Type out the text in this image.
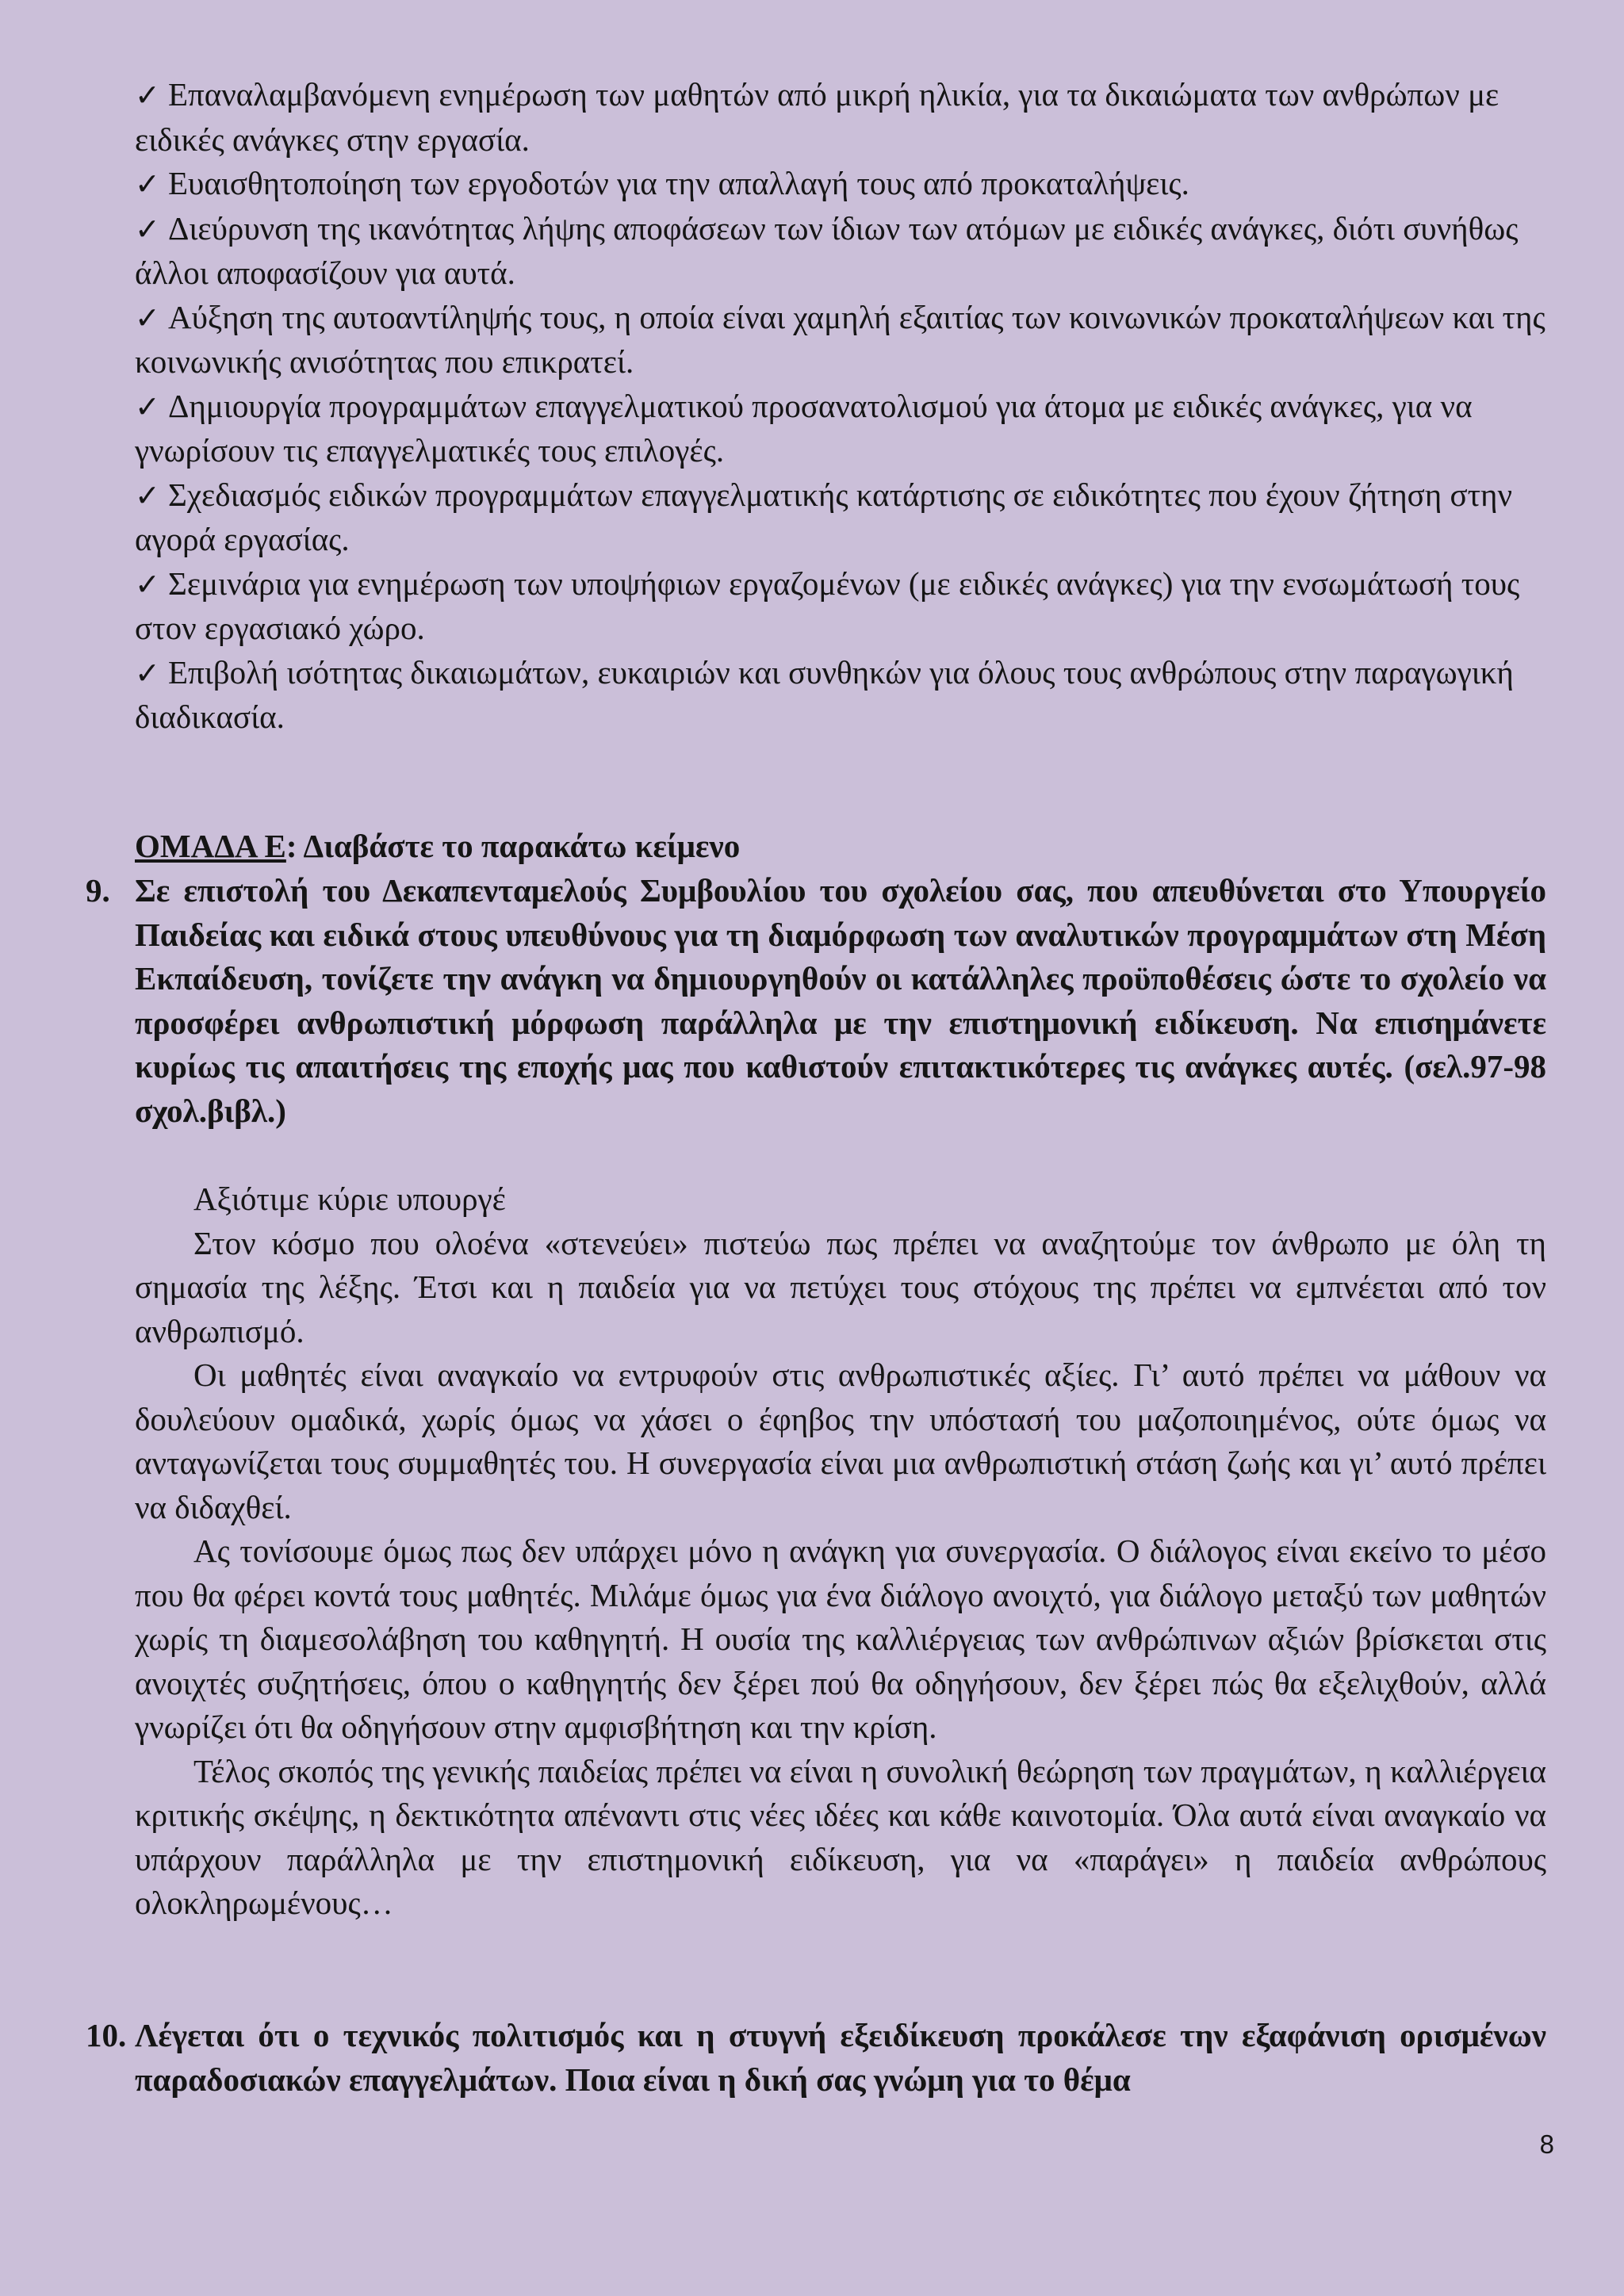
✓ Επαναλαμβανόμενη ενημέρωση των μαθητών από μικρή ηλικία, για τα δικαιώματα των ανθρώπων με ειδικές ανάγκες στην εργασία.

✓ Ευαισθητοποίηση των εργοδοτών για την απαλλαγή τους από προκαταλήψεις.

✓ Διεύρυνση της ικανότητας λήψης αποφάσεων των ίδιων των ατόμων με ειδικές ανάγκες, διότι συνήθως άλλοι αποφασίζουν για αυτά.

✓ Αύξηση της αυτοαντίληψής τους, η οποία είναι χαμηλή εξαιτίας των κοινωνικών προκαταλήψεων και της κοινωνικής ανισότητας που επικρατεί.

✓ Δημιουργία προγραμμάτων επαγγελματικού προσανατολισμού για άτομα με ειδικές ανάγκες, για να γνωρίσουν τις επαγγελματικές τους επιλογές.

✓ Σχεδιασμός ειδικών προγραμμάτων επαγγελματικής κατάρτισης σε ειδικότητες που έχουν ζήτηση στην αγορά εργασίας.

✓ Σεμινάρια για ενημέρωση των υποψήφιων εργαζομένων (με ειδικές ανάγκες) για την ενσωμάτωσή τους στον εργασιακό χώρο.

✓ Επιβολή ισότητας δικαιωμάτων, ευκαιριών και συνθηκών για όλους τους ανθρώπους στην παραγωγική διαδικασία.

ΟΜΑΔΑ Ε: Διαβάστε το παρακάτω κείμενο
9. Σε επιστολή του Δεκαπενταμελούς Συμβουλίου του σχολείου σας, που απευθύνεται στο Υπουργείο Παιδείας και ειδικά στους υπευθύνους για τη διαμόρφωση των αναλυτικών προγραμμάτων στη Μέση Εκπαίδευση, τονίζετε την ανάγκη να δημιουργηθούν οι κατάλληλες προϋποθέσεις ώστε το σχολείο να προσφέρει ανθρωπιστική μόρφωση παράλληλα με την επιστημονική ειδίκευση. Να επισημάνετε κυρίως τις απαιτήσεις της εποχής μας που καθιστούν επιτακτικότερες τις ανάγκες αυτές. (σελ.97-98 σχολ.βιβλ.)

Αξιότιμε κύριε υπουργέ

Στον κόσμο που ολοένα «στενεύει» πιστεύω πως πρέπει να αναζητούμε τον άνθρωπο με όλη τη σημασία της λέξης. Έτσι και η παιδεία για να πετύχει τους στόχους της πρέπει να εμπνέεται από τον ανθρωπισμό.

Οι μαθητές είναι αναγκαίο να εντρυφούν στις ανθρωπιστικές αξίες. Γι’ αυτό πρέπει να μάθουν να δουλεύουν ομαδικά, χωρίς όμως να χάσει ο έφηβος την υπόστασή του μαζοποιημένος, ούτε όμως να ανταγωνίζεται τους συμμαθητές του. Η συνεργασία είναι μια ανθρωπιστική στάση ζωής και γι’ αυτό πρέπει να διδαχθεί.

Ας τονίσουμε όμως πως δεν υπάρχει μόνο η ανάγκη για συνεργασία. Ο διάλογος είναι εκείνο το μέσο που θα φέρει κοντά τους μαθητές. Μιλάμε όμως για ένα διάλογο ανοιχτό, για διάλογο μεταξύ των μαθητών χωρίς τη διαμεσολάβηση του καθηγητή. Η ουσία της καλλιέργειας των ανθρώπινων αξιών βρίσκεται στις ανοιχτές συζητήσεις, όπου ο καθηγητής δεν ξέρει πού θα οδηγήσουν, δεν ξέρει πώς θα εξελιχθούν, αλλά γνωρίζει ότι θα οδηγήσουν στην αμφισβήτηση και την κρίση.

Τέλος σκοπός της γενικής παιδείας πρέπει να είναι η συνολική θεώρηση των πραγμάτων, η καλλιέργεια κριτικής σκέψης, η δεκτικότητα απέναντι στις νέες ιδέες και κάθε καινοτομία. Όλα αυτά είναι αναγκαίο να υπάρχουν παράλληλα με την επιστημονική ειδίκευση, για να «παράγει» η παιδεία ανθρώπους ολοκληρωμένους…

10. Λέγεται ότι ο τεχνικός πολιτισμός και η στυγνή εξειδίκευση προκάλεσε την εξαφάνιση ορισμένων παραδοσιακών επαγγελμάτων. Ποια είναι η δική σας γνώμη για το θέμα
8
